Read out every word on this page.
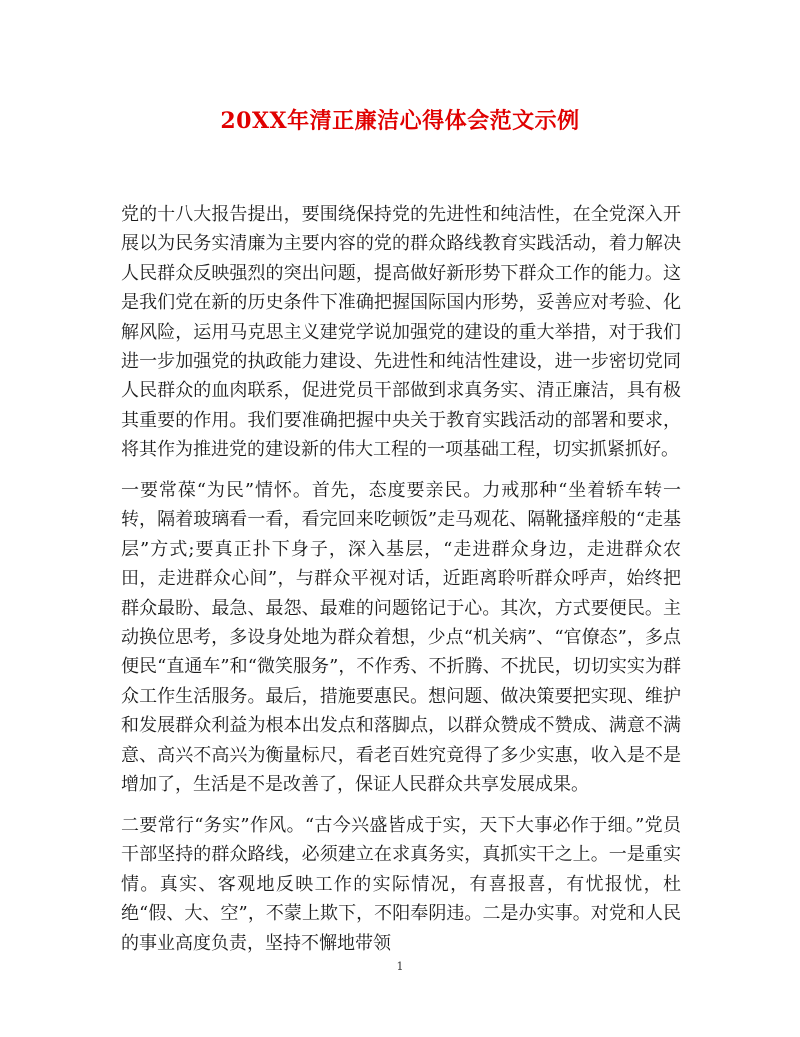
20XX年清正廉洁心得体会范文示例

党的十八大报告提出，要围绕保持党的先进性和纯洁性，在全党深入开展以为民务实清廉为主要内容的党的群众路线教育实践活动，着力解决人民群众反映强烈的突出问题，提高做好新形势下群众工作的能力。这是我们党在新的历史条件下准确把握国际国内形势，妥善应对考验、化解风险，运用马克思主义建党学说加强党的建设的重大举措，对于我们进一步加强党的执政能力建设、先进性和纯洁性建设，进一步密切党同人民群众的血肉联系，促进党员干部做到求真务实、清正廉洁，具有极其重要的作用。我们要准确把握中央关于教育实践活动的部署和要求，将其作为推进党的建设新的伟大工程的一项基础工程，切实抓紧抓好。

一要常葆“为民”情怀。首先，态度要亲民。力戒那种“坐着轿车转一转，隔着玻璃看一看，看完回来吃顿饭”走马观花、隔靴搔痒般的“走基层”方式;要真正扑下身子，深入基层，“走进群众身边，走进群众农田，走进群众心间”，与群众平视对话，近距离聆听群众呼声，始终把群众最盼、最急、最怨、最难的问题铭记于心。其次，方式要便民。主动换位思考，多设身处地为群众着想，少点“机关病”、“官僚态”，多点便民“直通车”和“微笑服务”，不作秀、不折腾、不扰民，切切实实为群众工作生活服务。最后，措施要惠民。想问题、做决策要把实现、维护和发展群众利益为根本出发点和落脚点，以群众赞成不赞成、满意不满意、高兴不高兴为衡量标尺，看老百姓究竟得了多少实惠，收入是不是增加了，生活是不是改善了，保证人民群众共享发展成果。

二要常行“务实”作风。“古今兴盛皆成于实，天下大事必作于细。”党员干部坚持的群众路线，必须建立在求真务实，真抓实干之上。一是重实情。真实、客观地反映工作的实际情况，有喜报喜，有忧报忧，杜绝“假、大、空”，不蒙上欺下，不阳奉阴违。二是办实事。对党和人民的事业高度负责，坚持不懈地带领

1
